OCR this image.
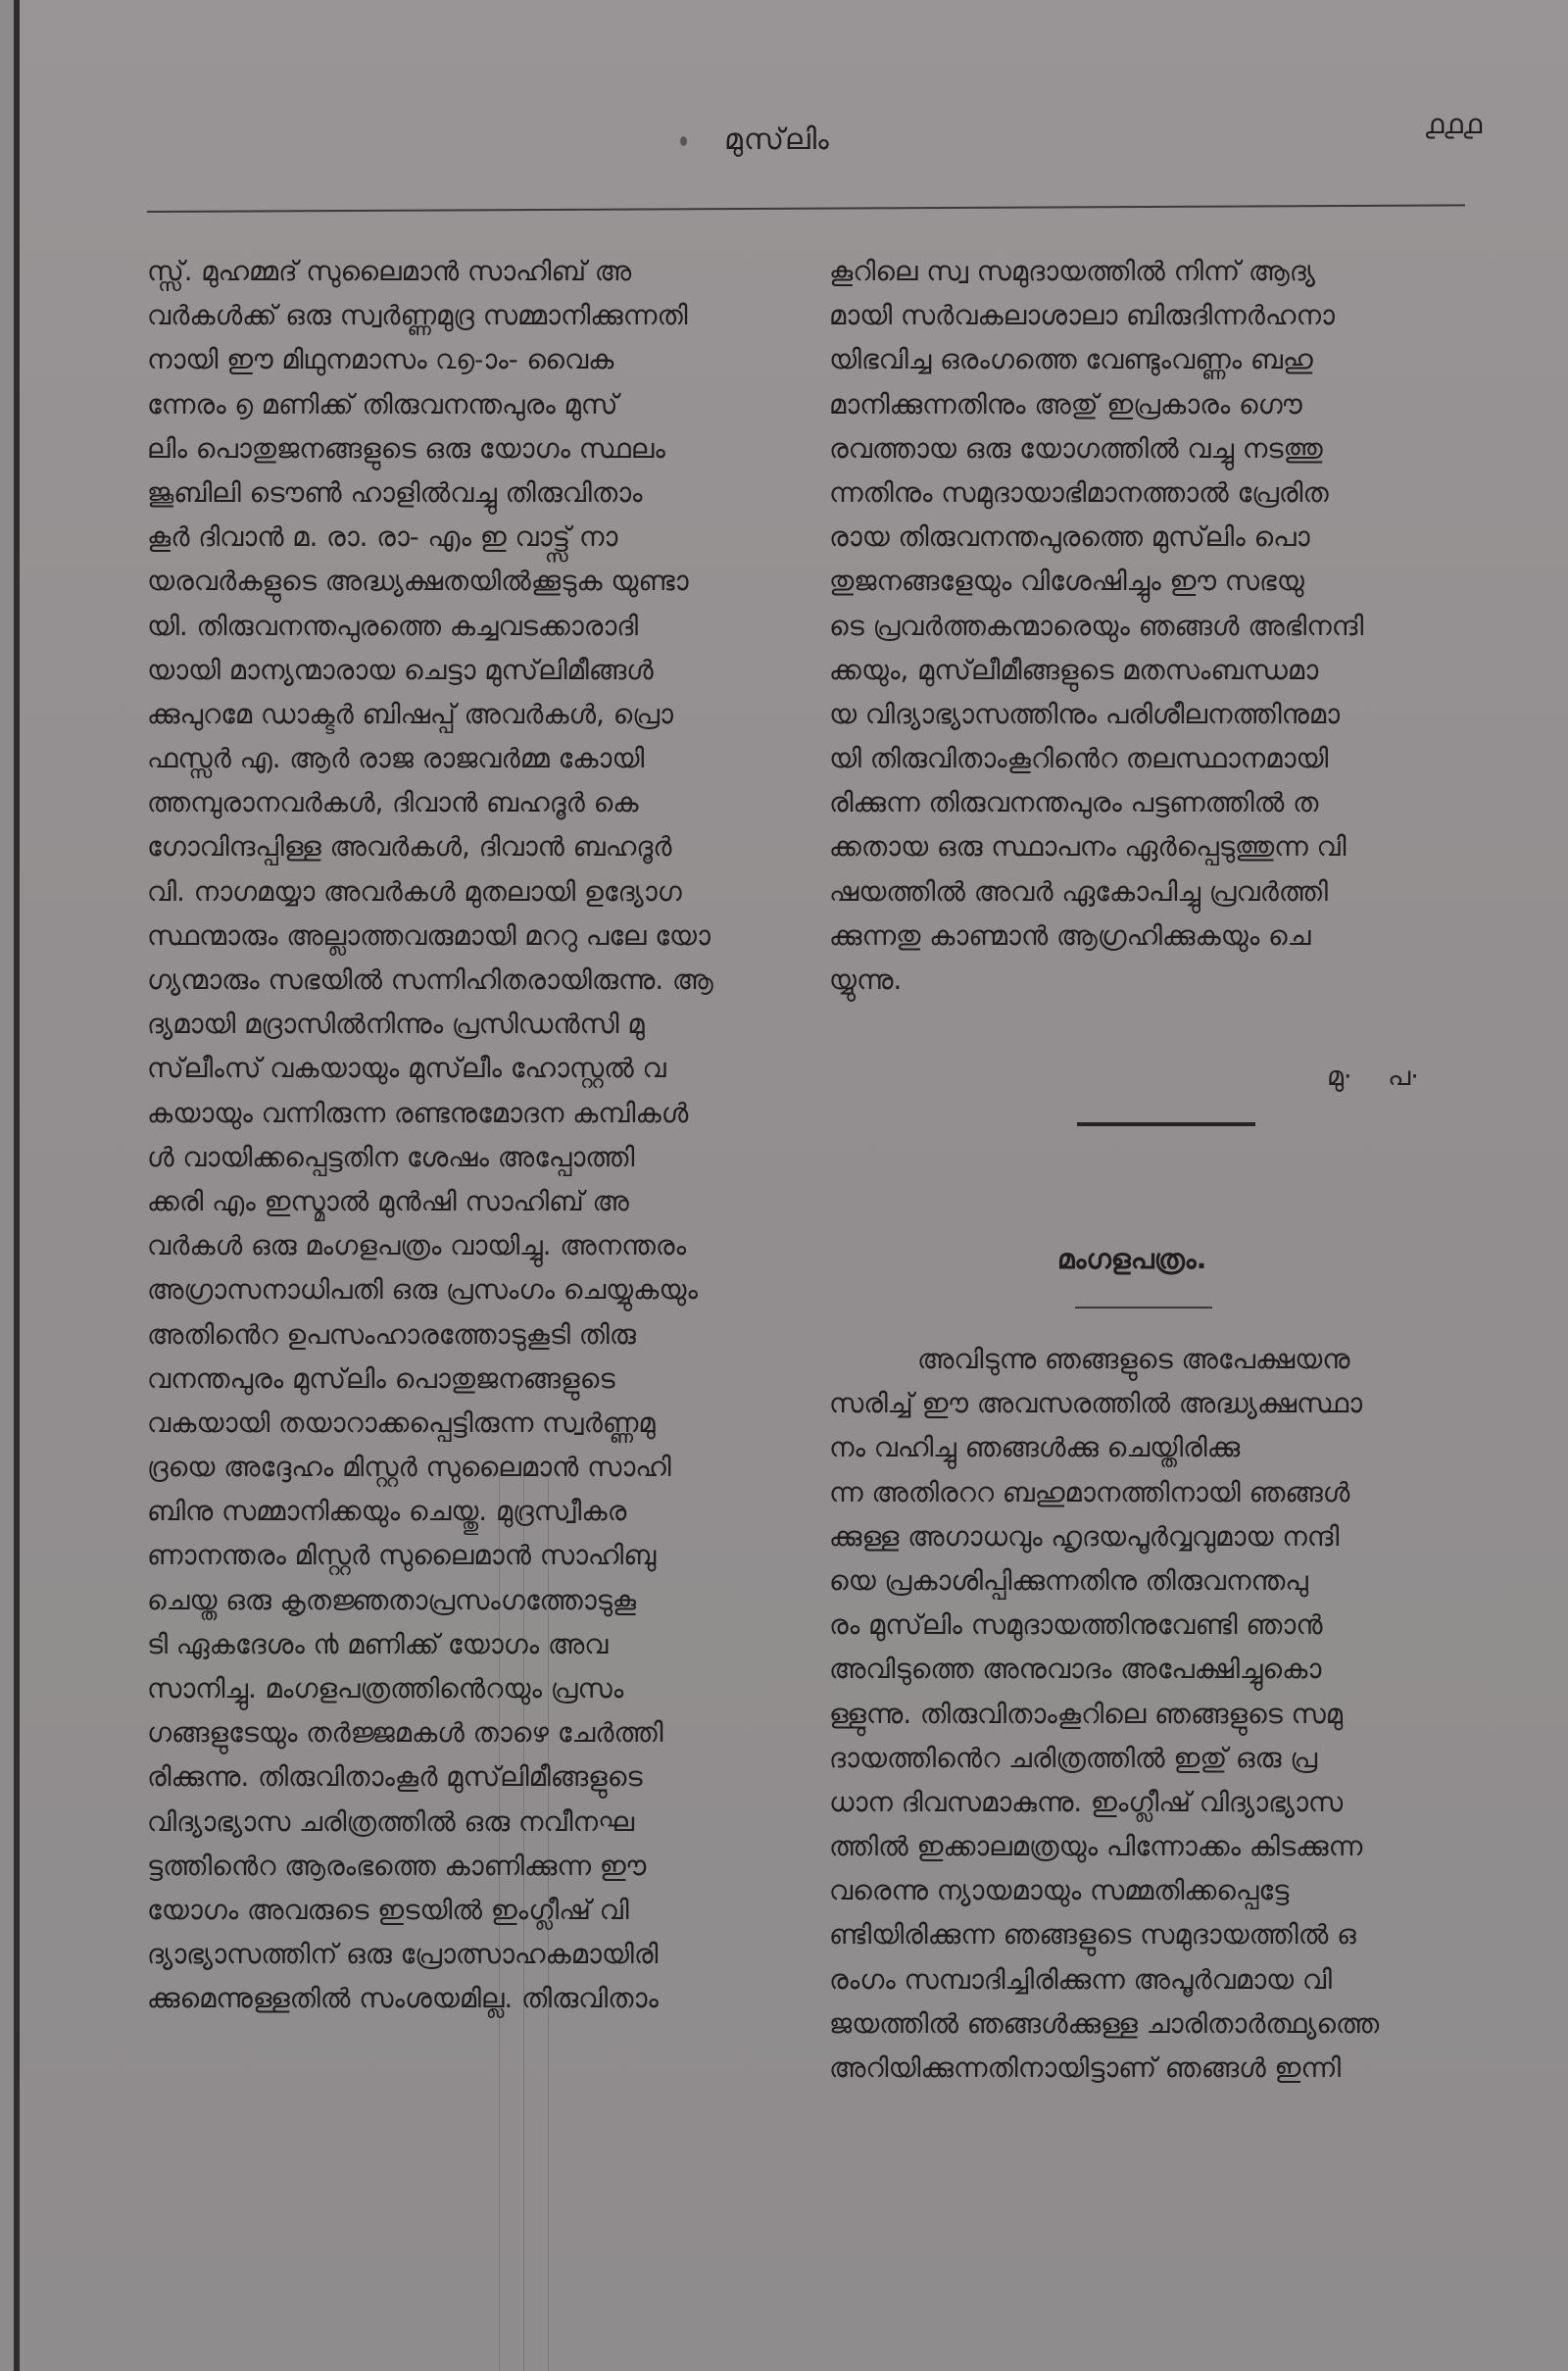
മുസ്‌ലിം	൧൧൧
സ്സ്. മുഹമ്മദ് സുലൈമാൻ സാഹിബ് അ
വർകൾക്ക് ഒരു സ്വർണ്ണമുദ്ര സമ്മാനിക്കുന്നതി
നായി ഈ മിഥുനമാസം ൨൭-ാം- വൈക
ന്നേരം ൭ മണിക്ക് തിരുവനന്തപുരം മുസ്
ലിം പൊതുജനങ്ങളുടെ ഒരു യോഗം സ്ഥലം
ജൂബിലി ടൌൺ ഹാളിൽവച്ചു തിരുവിതാം
കൂർ ദിവാൻ മ. രാ. രാ- എം ഇ വാട്ട്സ് നാ
യരവർകളുടെ അദ്ധ്യക്ഷതയിൽക്കൂടുക യുണ്ടാ
യി. തിരുവനന്തപുരത്തെ കച്ചവടക്കാരാദി
യായി മാന്യന്മാരായ ചെട്ടാ മുസ്‌ലിമീങ്ങൾ
ക്കുപുറമേ ഡാക്ടർ ബിഷപ്പ് അവർകൾ, പ്രൊ
ഫസ്സർ എ. ആർ രാജ രാജവർമ്മ കോയി
ത്തമ്പുരാനവർകൾ, ദിവാൻ ബഹദൂർ കെ
ഗോവിന്ദപ്പിള്ള അവർകൾ, ദിവാൻ ബഹദൂർ
വി. നാഗമയ്യാ അവർകൾ മുതലായി ഉദ്യോഗ
സ്ഥന്മാരും അല്ലാത്തവരുമായി മററു പലേ യോ
ഗ്യന്മാരും സഭയിൽ സന്നിഹിതരായിരുന്നു. ആ
ദ്യമായി മദ്രാസിൽനിന്നും പ്രസിഡൻസി മു
സ്‌ലീംസ് വകയായും മുസ്‌ലീം ഹോസ്റ്റൽ വ
കയായും വന്നിരുന്ന രണ്ടനുമോദന കമ്പികൾ
ൾ വായിക്കപ്പെട്ടതിന ശേഷം അപ്പോത്തി
ക്കരി എം ഇസ്മാൽ മുൻഷി സാഹിബ് അ
വർകൾ ഒരു മംഗളപത്രം വായിച്ചു. അനന്തരം
അഗ്രാസനാധിപതി ഒരു പ്രസംഗം ചെയ്യുകയും
അതിൻെറ ഉപസംഹാരത്തോടുകൂടി തിരു
വനന്തപുരം മുസ്‌ലിം പൊതുജനങ്ങളുടെ
വകയായി തയാറാക്കപ്പെട്ടിരുന്ന സ്വർണ്ണമു
ദ്രയെ അദ്ദേഹം മിസ്റ്റർ സുലൈമാൻ സാഹി
ബിനു സമ്മാനിക്കയും ചെയ്തു. മുദ്രസ്വീകര
ണാനന്തരം മിസ്റ്റർ സുലൈമാൻ സാഹിബു
ചെയ്ത ഒരു കൃതജ്ഞതാപ്രസംഗത്തോടുകൂ
ടി ഏകദേശം ൯ മണിക്ക് യോഗം അവ
സാനിച്ചു. മംഗളപത്രത്തിൻെറയും പ്രസം
ഗങ്ങളുടേയും തർജ്ജമകൾ താഴെ ചേർത്തി
രിക്കുന്നു. തിരുവിതാംകൂർ മുസ്‌ലിമീങ്ങളുടെ
വിദ്യാഭ്യാസ ചരിത്രത്തിൽ ഒരു നവീനഘ
ട്ടത്തിൻെറ ആരംഭത്തെ കാണിക്കുന്ന ഈ
യോഗം അവരുടെ ഇടയിൽ ഇംഗ്ലീഷ് വി
ദ്യാഭ്യാസത്തിന് ഒരു പ്രോത്സാഹകമായിരി
ക്കുമെന്നുള്ളതിൽ സംശയമില്ല. തിരുവിതാം
കൂറിലെ സ്വ സമുദായത്തിൽ നിന്ന് ആദ്യ
മായി സർവകലാശാലാ ബിരുദിന്നർഹനാ
യിഭവിച്ച ഒരംഗത്തെ വേണ്ടുംവണ്ണം ബഹു
മാനിക്കുന്നതിനും അതു് ഇപ്രകാരം ഗൌ
രവത്തായ ഒരു യോഗത്തിൽ വച്ചു നടത്തു
ന്നതിനും സമുദായാഭിമാനത്താൽ പ്രേരിത
രായ തിരുവനന്തപുരത്തെ മുസ്‌ലിം പൊ
തുജനങ്ങളേയും വിശേഷിച്ചും ഈ സഭയു
ടെ പ്രവർത്തകന്മാരെയും ഞങ്ങൾ അഭിനന്ദി
ക്കയും, മുസ്‌ലീമീങ്ങളുടെ മതസംബന്ധമാ
യ വിദ്യാഭ്യാസത്തിനും പരിശീലനത്തിനുമാ
യി തിരുവിതാംകൂറിൻെറ തലസ്ഥാനമായി
രിക്കുന്ന തിരുവനന്തപുരം പട്ടണത്തിൽ ത
ക്കതായ ഒരു സ്ഥാപനം ഏർപ്പെടുത്തുന്ന വി
ഷയത്തിൽ അവർ ഏകോപിച്ചു പ്രവർത്തി
ക്കുന്നതു കാണ്മാൻ ആഗ്രഹിക്കുകയും ചെ
യ്യുന്നു.
മു· പ·
മംഗളപത്രം.
അവിടുന്നു ഞങ്ങളുടെ അപേക്ഷയനു
സരിച്ച് ഈ അവസരത്തിൽ അദ്ധ്യക്ഷസ്ഥാ
നം വഹിച്ചു ഞങ്ങൾക്കു ചെയ്തിരിക്കു
ന്ന അതിരററ ബഹുമാനത്തിനായി ഞങ്ങൾ
ക്കുള്ള അഗാധവും ഹൃദയപൂർവ്വവുമായ നന്ദി
യെ പ്രകാശിപ്പിക്കുന്നതിനു തിരുവനന്തപു
രം മുസ്‌ലിം സമുദായത്തിനുവേണ്ടി ഞാൻ
അവിടുത്തെ അനുവാദം അപേക്ഷിച്ചുകൊ
ള്ളുന്നു. തിരുവിതാംകൂറിലെ ഞങ്ങളുടെ സമു
ദായത്തിൻെറ ചരിത്രത്തിൽ ഇതു് ഒരു പ്ര
ധാന ദിവസമാകുന്നു. ഇംഗ്ലീഷ് വിദ്യാഭ്യാസ
ത്തിൽ ഇക്കാലമത്രയും പിന്നോക്കം കിടക്കുന്ന
വരെന്നു ന്യായമായും സമ്മതിക്കപ്പെട്ടേ
ണ്ടിയിരിക്കുന്ന ഞങ്ങളുടെ സമുദായത്തിൽ ഒ
രംഗം സമ്പാദിച്ചിരിക്കുന്ന അപൂർവമായ വി
ജയത്തിൽ ഞങ്ങൾക്കുള്ള ചാരിതാർത്ഥ്യത്തെ
അറിയിക്കുന്നതിനായിട്ടാണ് ഞങ്ങൾ ഇന്നി
